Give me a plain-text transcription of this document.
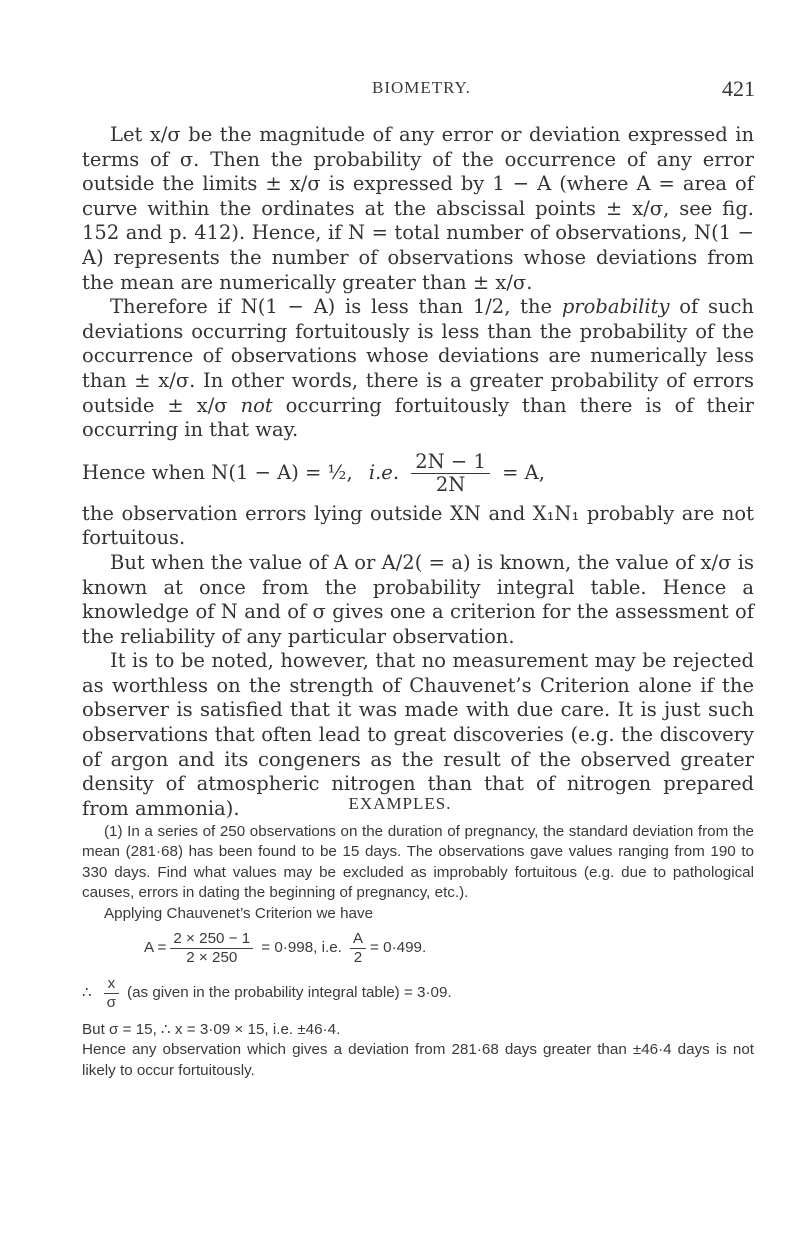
BIOMETRY.	421

Let x/σ be the magnitude of any error or deviation expressed in terms of σ. Then the probability of the occurrence of any error outside the limits ± x/σ is expressed by 1 − A (where A = area of curve within the ordinates at the abscissal points ± x/σ, see fig. 152 and p. 412). Hence, if N = total number of observations, N(1 − A) represents the number of observations whose deviations from the mean are numerically greater than ± x/σ.

Therefore if N(1 − A) is less than 1/2, the probability of such deviations occurring fortuitously is less than the probability of the occurrence of observations whose deviations are numerically less than ± x/σ. In other words, there is a greater probability of errors outside ± x/σ not occurring fortuitously than there is of their occurring in that way.

Hence when N(1 − A) = ½, i.e. $\frac{2N - 1}{2N} = A$,

the observation errors lying outside XN and X₁N₁ probably are not fortuitous.

But when the value of A or A/2( = a) is known, the value of x/σ is known at once from the probability integral table. Hence a knowledge of N and of σ gives one a criterion for the assessment of the reliability of any particular observation.

It is to be noted, however, that no measurement may be rejected as worthless on the strength of Chauvenet’s Criterion alone if the observer is satisfied that it was made with due care. It is just such observations that often lead to great discoveries (e.g. the discovery of argon and its congeners as the result of the observed greater density of atmospheric nitrogen than that of nitrogen prepared from ammonia).	EXAMPLES.

(1) In a series of 250 observations on the duration of pregnancy, the standard deviation from the mean (281·68) has been found to be 15 days. The observations gave values ranging from 190 to 330 days. Find what values may be excluded as improbably fortuitous (e.g. due to pathological causes, errors in dating the beginning of pregnancy, etc.).

Applying Chauvenet’s Criterion we have

$A = \frac{2 \times 250 - 1}{2 \times 250} = 0\cdot 998$, i.e. $\frac{A}{2} = 0\cdot 499$.
∴ $\frac{x}{\sigma} (as$ given in the probability integral table) = 3·09.

But σ = 15, ∴ x = 3·09 × 15, i.e. ±46·4.

Hence any observation which gives a deviation from 281·68 days greater than ±46·4 days is not likely to occur fortuitously.
